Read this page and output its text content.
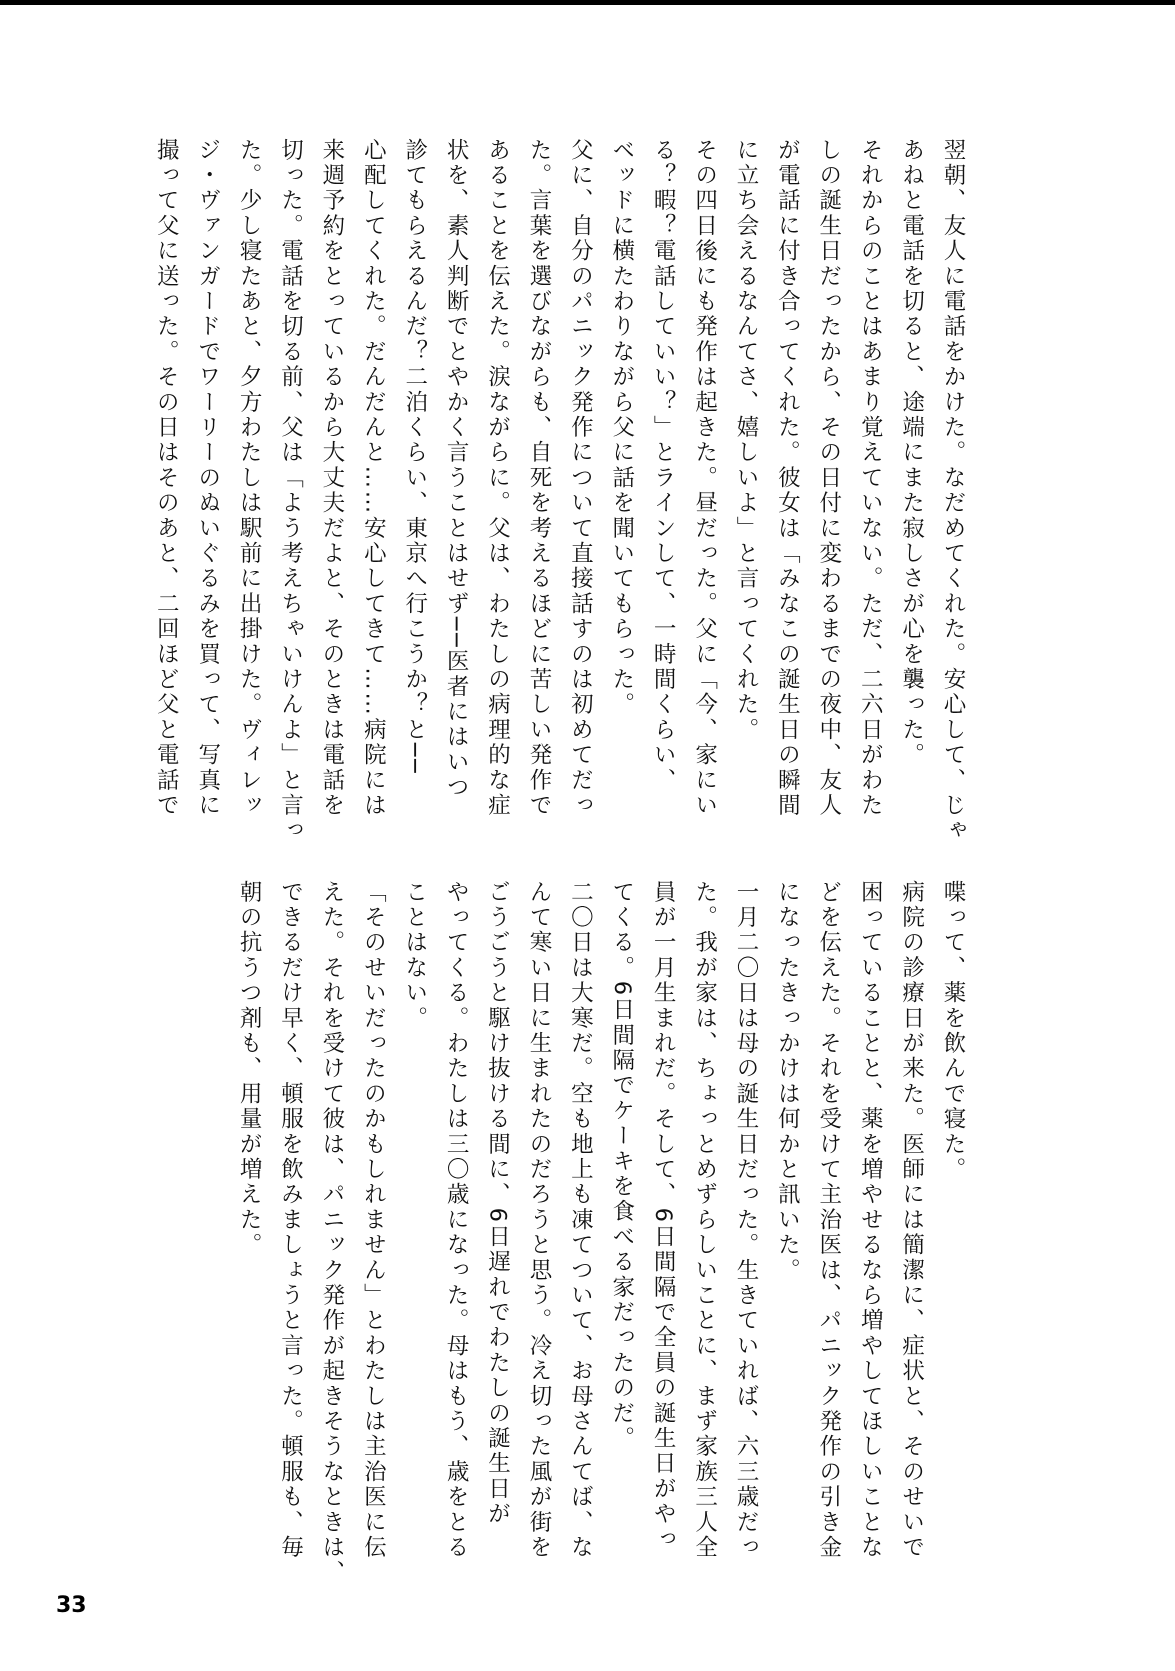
翌朝、友人に電話をかけた。なだめてくれた。安心して、じゃ

あねと電話を切ると、途端にまた寂しさが心を襲った。

それからのことはあまり覚えていない。ただ、二六日がわた

しの誕生日だったから、その日付に変わるまでの夜中、友人

が電話に付き合ってくれた。彼女は「みなこの誕生日の瞬間

に立ち会えるなんてさ、嬉しいよ」と言ってくれた。

その四日後にも発作は起きた。昼だった。父に「今、家にい

る？暇？電話していい？」とラインして、一時間くらい、

ベッドに横たわりながら父に話を聞いてもらった。

父に、自分のパニック発作について直接話すのは初めてだっ

た。言葉を選びながらも、自死を考えるほどに苦しい発作で

あることを伝えた。涙ながらに。父は、わたしの病理的な症

状を、素人判断でとやかく言うことはせず──医者にはいつ

診てもらえるんだ？二泊くらい、東京へ行こうか？と──

心配してくれた。だんだんと……安心してきて……病院には

来週予約をとっているから大丈夫だよと、そのときは電話を

切った。電話を切る前、父は「よう考えちゃいけんよ」と言っ

た。少し寝たあと、夕方わたしは駅前に出掛けた。ヴィレッ

ジ・ヴァンガードでワーリーのぬいぐるみを買って、写真に

撮って父に送った。その日はそのあと、二回ほど父と電話で

喋って、薬を飲んで寝た。

病院の診療日が来た。医師には簡潔に、症状と、そのせいで

困っていることと、薬を増やせるなら増やしてほしいことな

どを伝えた。それを受けて主治医は、パニック発作の引き金

になったきっかけは何かと訊いた。

一月二〇日は母の誕生日だった。生きていれば、六三歳だっ

た。我が家は、ちょっとめずらしいことに、まず家族三人全

員が一月生まれだ。そして、6日間隔で全員の誕生日がやっ

てくる。6日間隔でケーキを食べる家だったのだ。

二〇日は大寒だ。空も地上も凍てついて、お母さんてば、な

んて寒い日に生まれたのだろうと思う。冷え切った風が街を

ごうごうと駆け抜ける間に、6日遅れでわたしの誕生日が

やってくる。わたしは三〇歳になった。母はもう、歳をとる

ことはない。

「そのせいだったのかもしれません」とわたしは主治医に伝

えた。それを受けて彼は、パニック発作が起きそうなときは、

できるだけ早く、頓服を飲みましょうと言った。頓服も、毎

朝の抗うつ剤も、用量が増えた。

33
